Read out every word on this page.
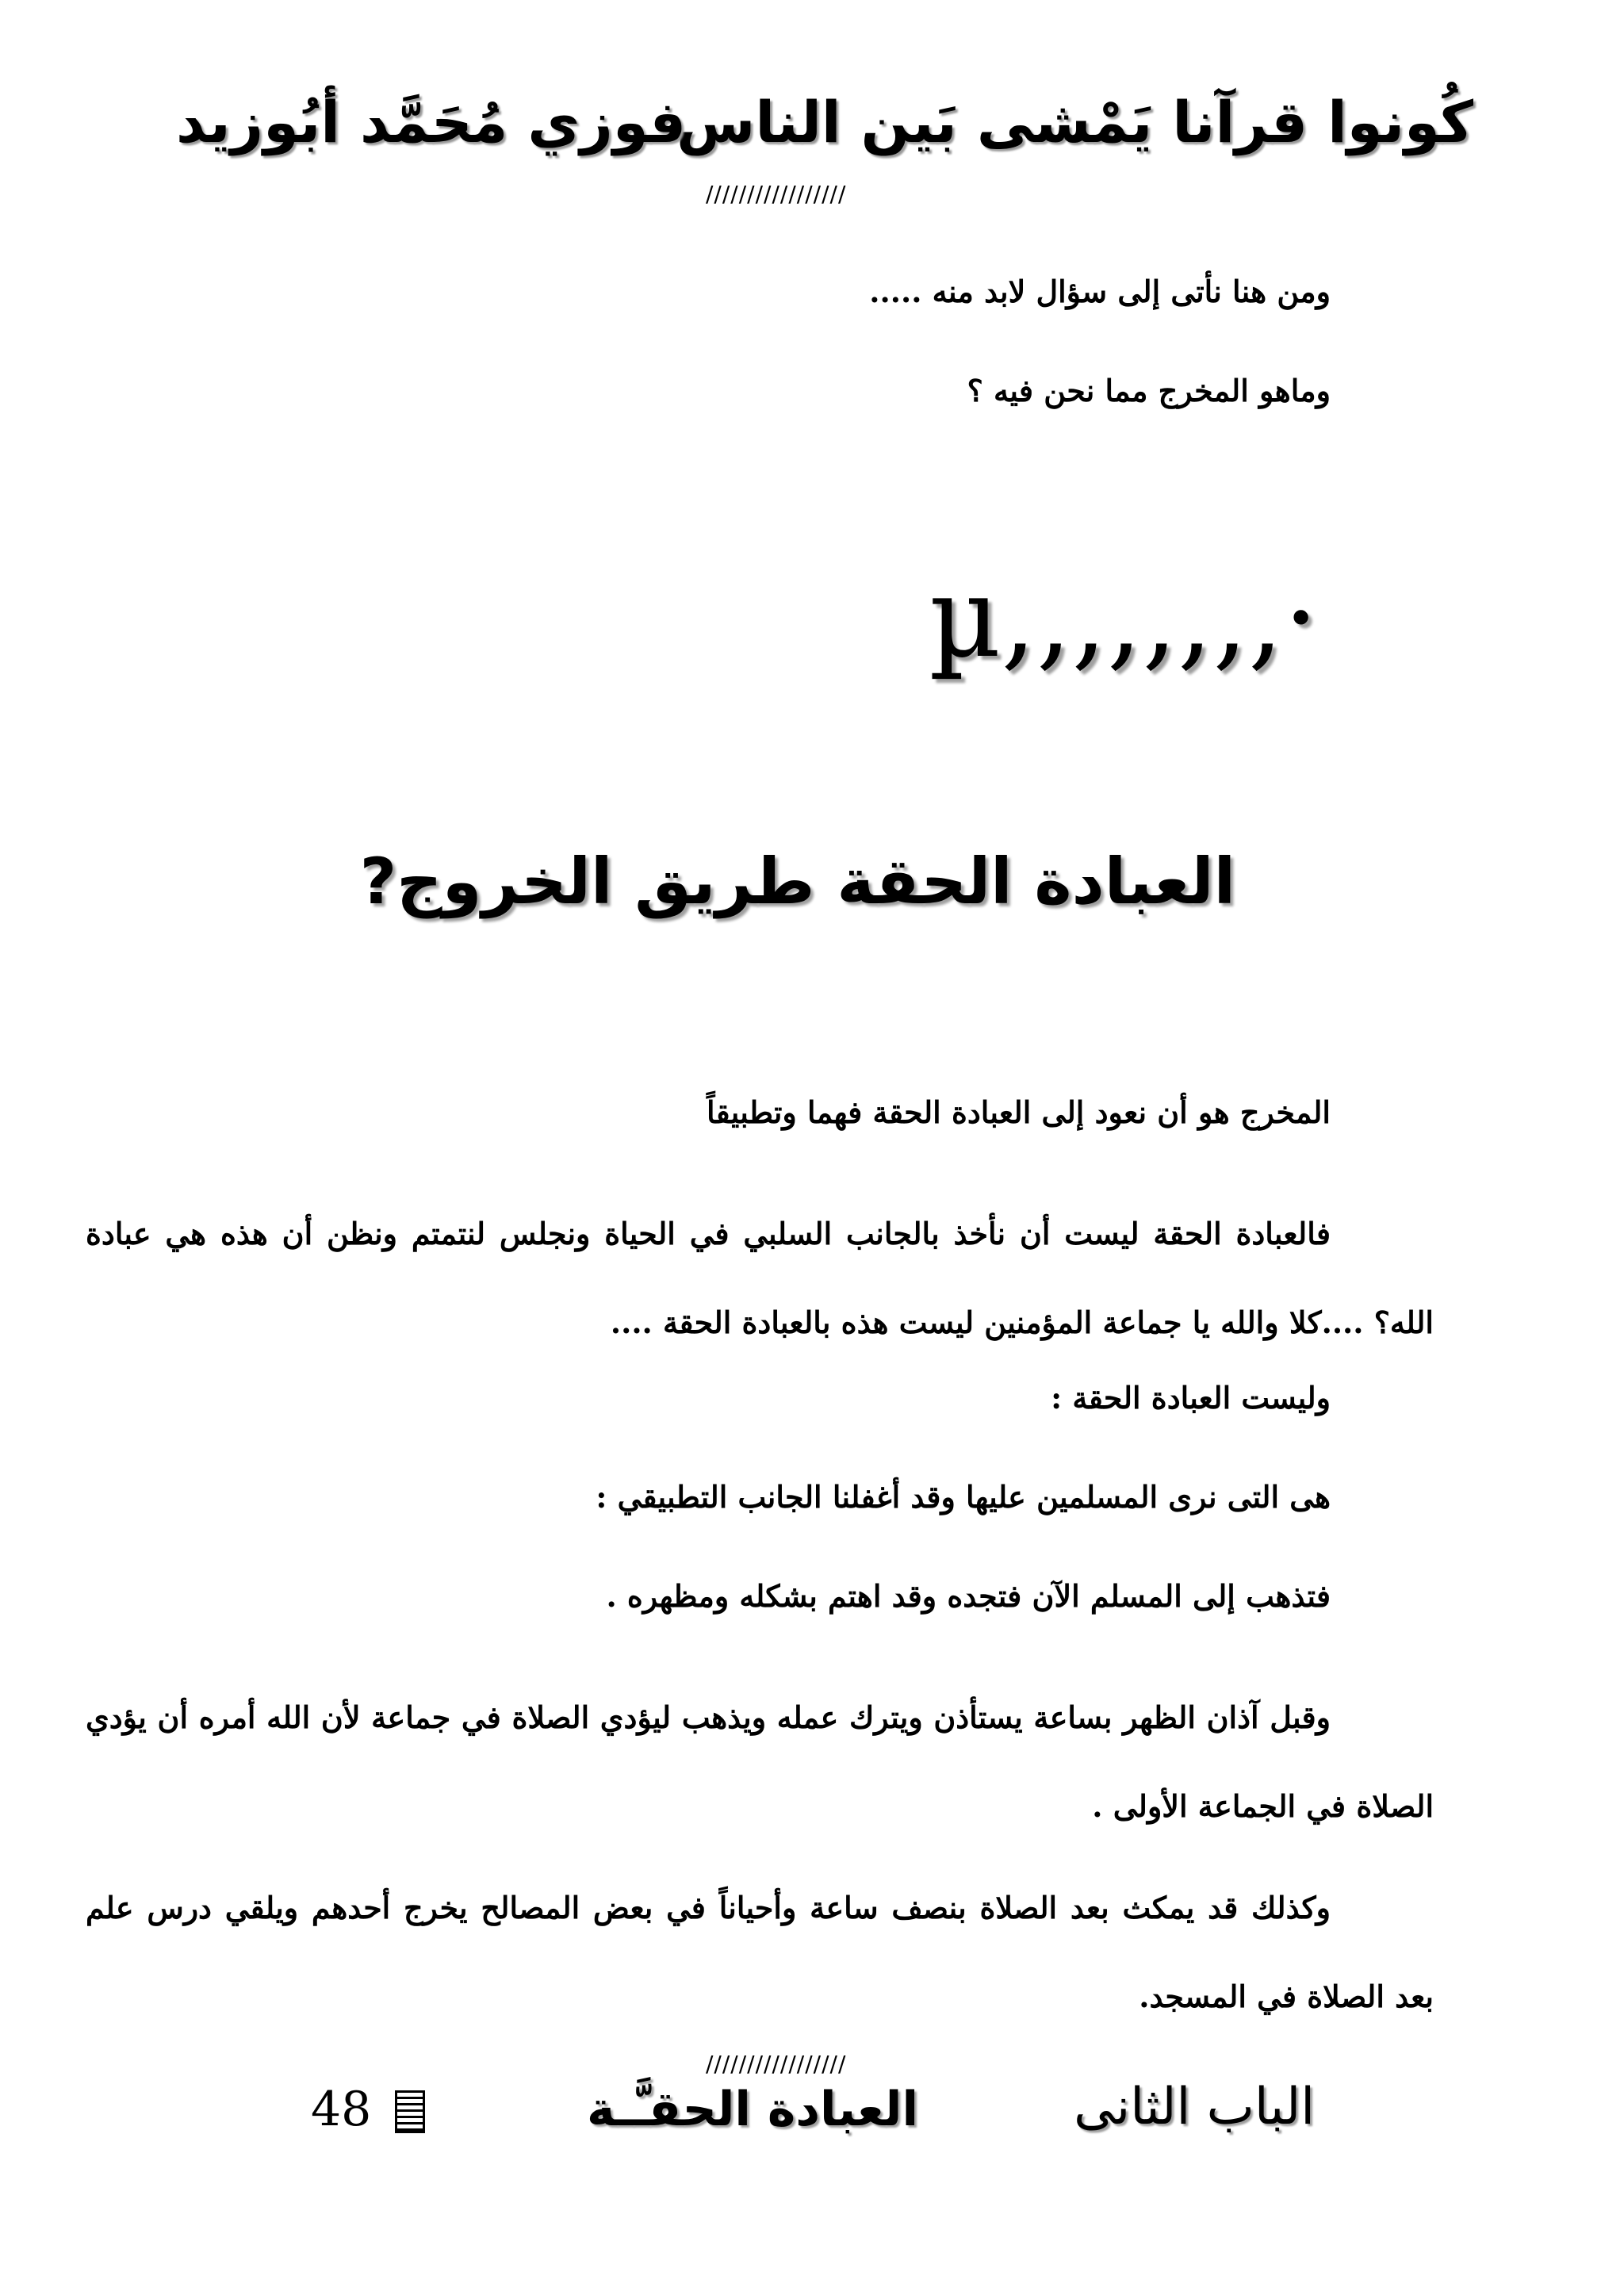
كُونوا قرآنا يَمْشى بَين الناس
فوزي مُحَمَّد أبُوزيد
/////////////////
ومن هنا نأتى إلى سؤال لابد منه .....
وماهو المخرج مما نحن فيه ؟
µ,,,,,,,,·
العبادة الحقة طريق الخروج?
المخرج هو أن نعود إلى العبادة الحقة فهما وتطبيقاً
فالعبادة الحقة ليست أن نأخذ بالجانب السلبي في الحياة ونجلس لنتمتم ونظن أن هذه هي عبادة الله؟ ....كلا والله يا جماعة المؤمنين ليست هذه بالعبادة الحقة ....
وليست العبادة الحقة :
هى التى نرى المسلمين عليها وقد أغفلنا الجانب التطبيقي :
فتذهب إلى المسلم الآن فتجده وقد اهتم بشكله ومظهره .
وقبل آذان الظهر بساعة يستأذن ويترك عمله ويذهب ليؤدي الصلاة في جماعة لأن الله أمره أن يؤدي الصلاة في الجماعة الأولى .
وكذلك قد يمكث بعد الصلاة بنصف ساعة وأحياناً في بعض المصالح يخرج أحدهم ويلقي درس علم بعد الصلاة في المسجد.
/////////////////
الباب الثانى
العبادة الحقـَّـة
48
